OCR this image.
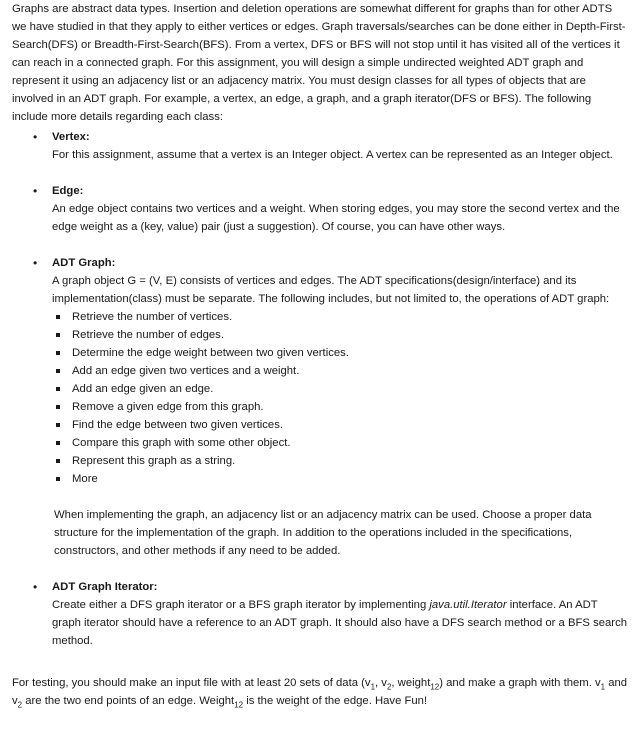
Graphs are abstract data types. Insertion and deletion operations are somewhat different for graphs than for other ADTS we have studied in that they apply to either vertices or edges. Graph traversals/searches can be done either in Depth-First-Search(DFS) or Breadth-First-Search(BFS). From a vertex, DFS or BFS will not stop until it has visited all of the vertices it can reach in a connected graph. For this assignment, you will design a simple undirected weighted ADT graph and represent it using an adjacency list or an adjacency matrix. You must design classes for all types of objects that are involved in an ADT graph. For example, a vertex, an edge, a graph, and a graph iterator(DFS or BFS). The following include more details regarding each class:

• Vertex:

For this assignment, assume that a vertex is an Integer object. A vertex can be represented as an Integer object.

• Edge:

An edge object contains two vertices and a weight. When storing edges, you may store the second vertex and the edge weight as a (key, value) pair (just a suggestion). Of course, you can have other ways.

• ADT Graph:

A graph object G = (V, E) consists of vertices and edges. The ADT specifications(design/interface) and its implementation(class) must be separate. The following includes, but not limited to, the operations of ADT graph:

Retrieve the number of vertices.
Retrieve the number of edges.
Determine the edge weight between two given vertices.
Add an edge given two vertices and a weight.
Add an edge given an edge.
Remove a given edge from this graph.
Find the edge between two given vertices.
Compare this graph with some other object.
Represent this graph as a string.
More

When implementing the graph, an adjacency list or an adjacency matrix can be used. Choose a proper data structure for the implementation of the graph. In addition to the operations included in the specifications, constructors, and other methods if any need to be added.

• ADT Graph Iterator:

Create either a DFS graph iterator or a BFS graph iterator by implementing java.util.Iterator interface. An ADT graph iterator should have a reference to an ADT graph. It should also have a DFS search method or a BFS search method.

For testing, you should make an input file with at least 20 sets of data ($v_1$, $v_2$, weight$_{12}$) and make a graph with them. $v_1$ and $v_2$ are the two end points of an edge. Weight$_{12}$ is the weight of the edge. Have Fun!
